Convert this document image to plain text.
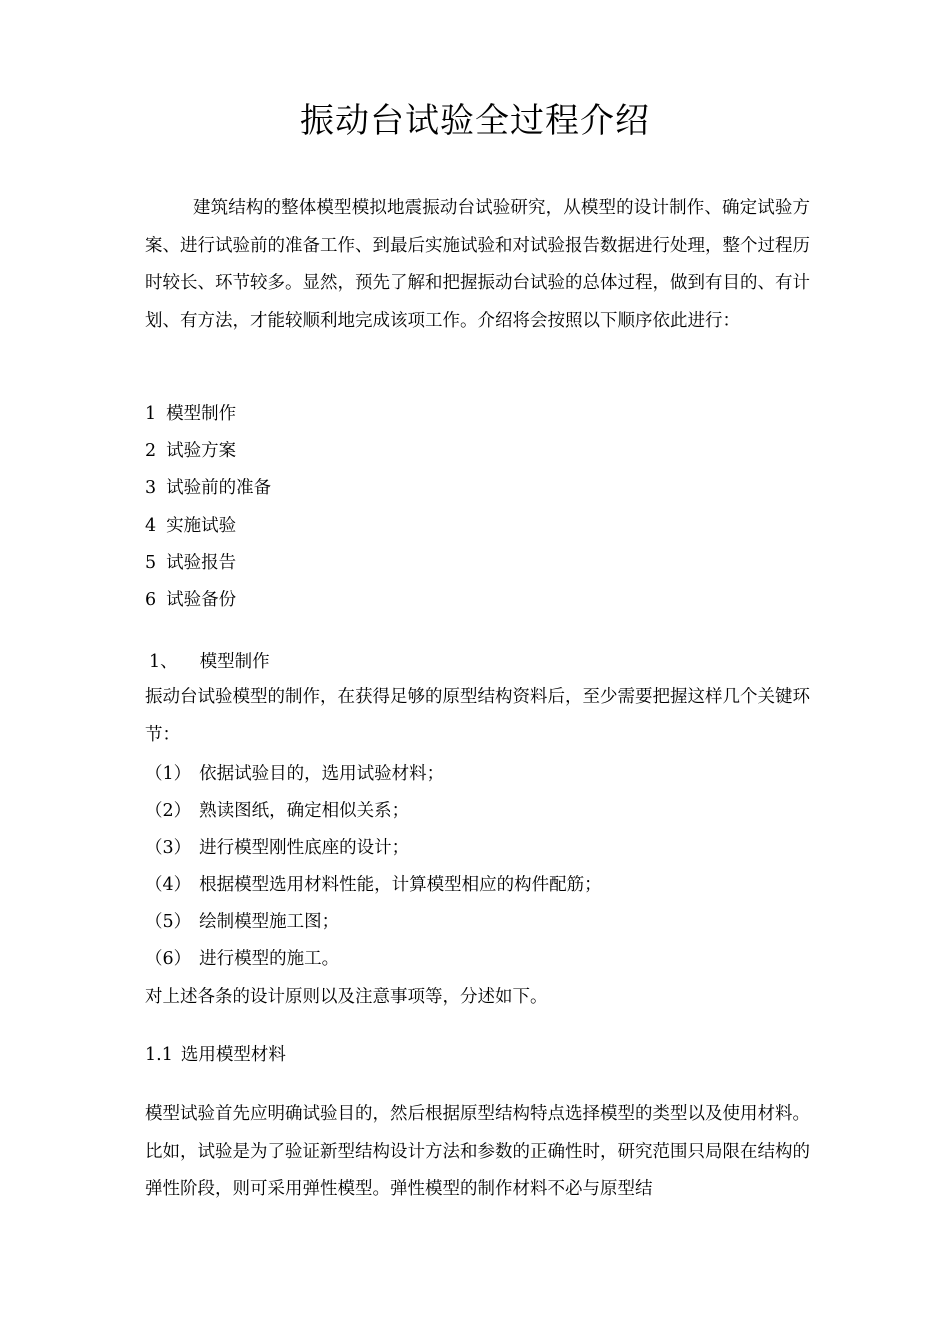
振动台试验全过程介绍

建筑结构的整体模型模拟地震振动台试验研究，从模型的设计制作、确定试验方案、进行试验前的准备工作、到最后实施试验和对试验报告数据进行处理，整个过程历时较长、环节较多。显然，预先了解和把握振动台试验的总体过程，做到有目的、有计划、有方法，才能较顺利地完成该项工作。介绍将会按照以下顺序依此进行：

1 模型制作

2 试验方案

3 试验前的准备

4 实施试验

5 试验报告

6 试验备份

1、 模型制作

振动台试验模型的制作，在获得足够的原型结构资料后，至少需要把握这样几个关键环节：

（1） 依据试验目的，选用试验材料；

（2） 熟读图纸，确定相似关系；

（3） 进行模型刚性底座的设计；

（4） 根据模型选用材料性能，计算模型相应的构件配筋；

（5） 绘制模型施工图；

（6） 进行模型的施工。

对上述各条的设计原则以及注意事项等，分述如下。

1.1 选用模型材料

模型试验首先应明确试验目的，然后根据原型结构特点选择模型的类型以及使用材料。比如，试验是为了验证新型结构设计方法和参数的正确性时，研究范围只局限在结构的弹性阶段，则可采用弹性模型。弹性模型的制作材料不必与原型结
